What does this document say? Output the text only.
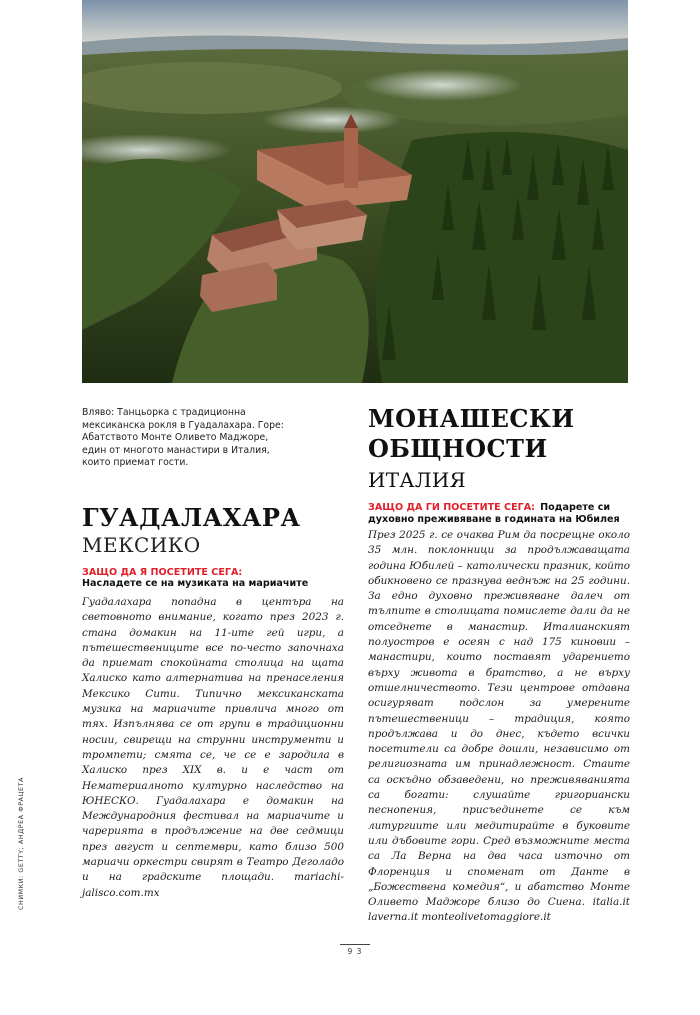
Вляво: Танцьорка с традиционна мексиканска рокля в Гуадалахара. Горе: Абатството Монте Оливето Маджоре, един от многото манастири в Италия, които приемат гости.
СНИМКИ: GETTY; АНДРЕА ФРАЦЕТА
ГУАДАЛАХАРА
МЕКСИКО
ЗАЩО ДА Я ПОСЕТИТЕ СЕГА:
Насладете се на музиката на мариачите
Гуадалахара попадна в центъра на световното внимание, когато през 2023 г. стана домакин на 11-ите гей игри, а пътешествениците все по-често започнаха да приемат спокойната столица на щата Халиско като алтернатива на пренаселения Мексико Сити. Типично мексиканската музика на мариачите привлича много от тях. Изпълнява се от групи в традиционни носии, свирещи на струнни инструменти и тромпети; смята се, че се е зародила в Халиско през XIX в. и е част от Нематериалното културно наследство на ЮНЕСКО. Гуадалахара е домакин на Международния фестивал на мариачите и чарерията в продължение на две седмици през август и септември, като близо 500 мариачи оркестри свирят в Театро Деголадо и на градските площади. mariachi-jalisco.com.mx
МОНАШЕСКИ ОБЩНОСТИ ИТАЛИЯ
ЗАЩО ДА ГИ ПОСЕТИТЕ СЕГА: Подарете си
духовно преживяване в годината на Юбилея
През 2025 г. се очаква Рим да посрещне около 35 млн. поклонници за продължаващата година Юбилей – католически празник, който обикновено се празнува веднъж на 25 години. За едно духовно преживяване далеч от тълпите в столицата помислете дали да не отседнете в манастир. Италианският полуостров е осеян с над 175 киновии – манастири, които поставят ударението върху живота в братство, а не върху отшелничеството. Тези центрове отдавна осигуряват подслон за умерените пътешественици – традиция, която продължава и до днес, където всички посетители са добре дошли, независимо от религиозната им принадлежност. Стаите са оскъдно обзаведени, но преживяванията са богати: слушайте григориански песнопения, присъединете се към литургиите или медитирайте в буковите или дъбовите гори. Сред възможните места са Ла Верна на два часа източно от Флоренция и споменат от Данте в „Божествена комедия“, и абатство Монте Оливето Маджоре близо до Сиена. italia.it laverna.it monteolivetomaggiore.it
9 3
